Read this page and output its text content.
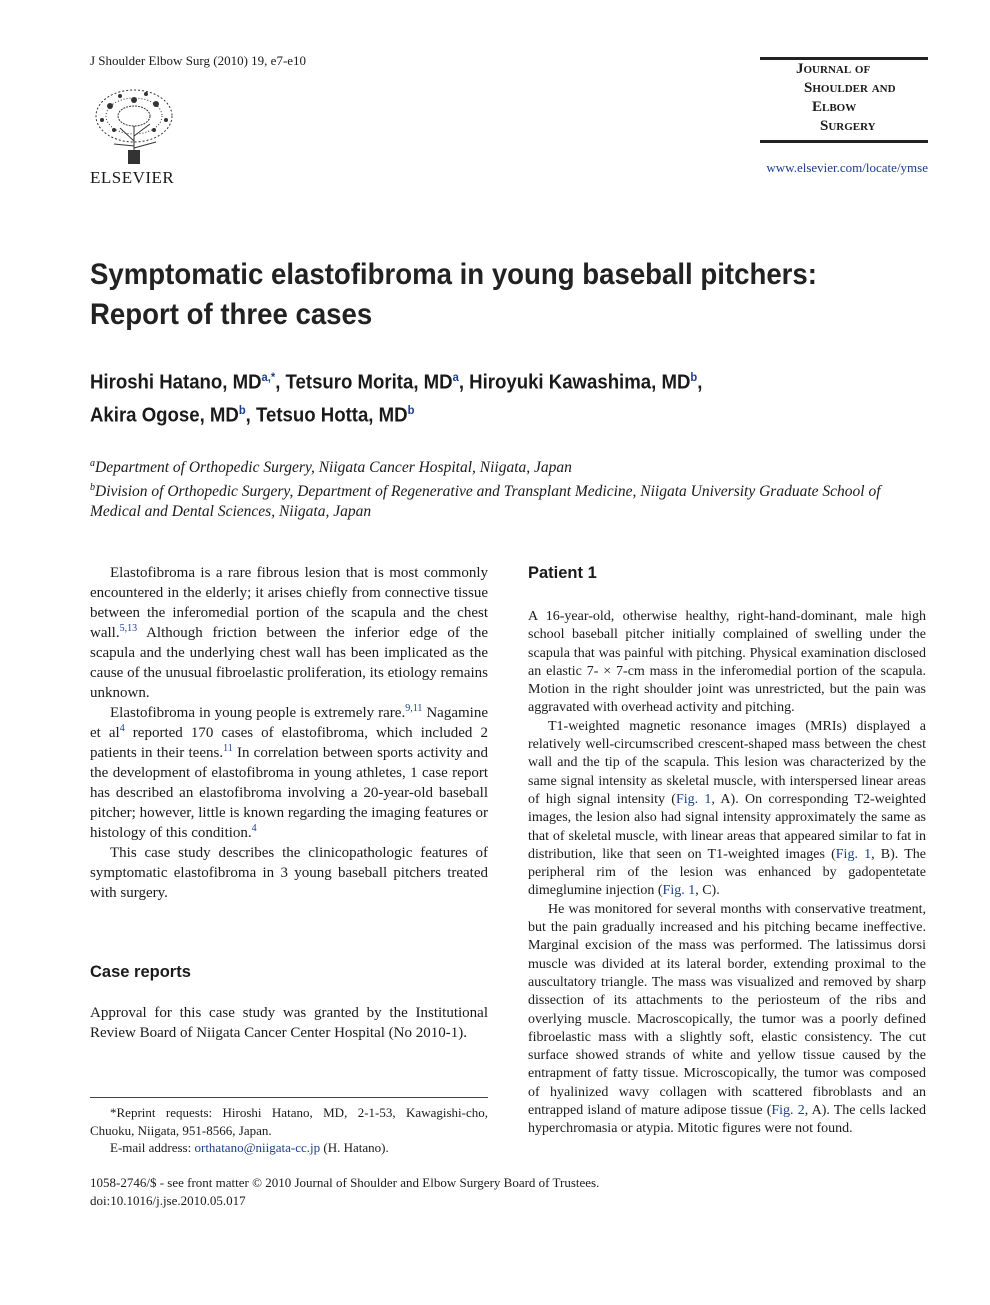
J Shoulder Elbow Surg (2010) 19, e7-e10
ELSEVIER
Journal of
Shoulder and
Elbow
Surgery
www.elsevier.com/locate/ymse
Symptomatic elastofibroma in young baseball pitchers:
Report of three cases
Hiroshi Hatano, $MD^{a,*}$, Tetsuro Morita, $MD^a$, Hiroyuki Kawashima, $MD^b$,
Akira Ogose, $MD^b$, Tetsuo Hotta, $MD^b$
$^a$Department of Orthopedic Surgery, Niigata Cancer Hospital, Niigata, Japan
$^b$Division of Orthopedic Surgery, Department of Regenerative and Transplant Medicine, Niigata University Graduate School of Medical and Dental Sciences, Niigata, Japan

Elastofibroma is a rare fibrous lesion that is most commonly encountered in the elderly; it arises chiefly from connective tissue between the inferomedial portion of the scapula and the chest wall.$^{5,13}$ Although friction between the inferior edge of the scapula and the underlying chest wall has been implicated as the cause of the unusual fibroelastic proliferation, its etiology remains unknown.

Elastofibroma in young people is extremely rare.$^{9,11}$ Nagamine et al$^4$ reported 170 cases of elastofibroma, which included 2 patients in their teens.$^{11}$ In correlation between sports activity and the development of elastofibroma in young athletes, 1 case report has described an elastofibroma involving a 20-year-old baseball pitcher; however, little is known regarding the imaging features or histology of this condition.$^4$

This case study describes the clinicopathologic features of symptomatic elastofibroma in 3 young baseball pitchers treated with surgery.

Case reports
Approval for this case study was granted by the Institutional Review Board of Niigata Cancer Center Hospital (No 2010-1).
*Reprint requests: Hiroshi Hatano, MD, 2-1-53, Kawagishi-cho, Chuoku, Niigata, 951-8566, Japan.
E-mail address: orthatano@niigata-cc.jp (H. Hatano).
Patient 1

A 16-year-old, otherwise healthy, right-hand-dominant, male high school baseball pitcher initially complained of swelling under the scapula that was painful with pitching. Physical examination disclosed an elastic 7- × 7-cm mass in the inferomedial portion of the scapula. Motion in the right shoulder joint was unrestricted, but the pain was aggravated with overhead activity and pitching.

T1-weighted magnetic resonance images (MRIs) displayed a relatively well-circumscribed crescent-shaped mass between the chest wall and the tip of the scapula. This lesion was characterized by the same signal intensity as skeletal muscle, with interspersed linear areas of high signal intensity (Fig. 1, A). On corresponding T2-weighted images, the lesion also had signal intensity approximately the same as that of skeletal muscle, with linear areas that appeared similar to fat in distribution, like that seen on T1-weighted images (Fig. 1, B). The peripheral rim of the lesion was enhanced by gadopentetate dimeglumine injection (Fig. 1, C).

He was monitored for several months with conservative treatment, but the pain gradually increased and his pitching became ineffective. Marginal excision of the mass was performed. The latissimus dorsi muscle was divided at its lateral border, extending proximal to the auscultatory triangle. The mass was visualized and removed by sharp dissection of its attachments to the periosteum of the ribs and overlying muscle. Macroscopically, the tumor was a poorly defined fibroelastic mass with a slightly soft, elastic consistency. The cut surface showed strands of white and yellow tissue caused by the entrapment of fatty tissue. Microscopically, the tumor was composed of hyalinized wavy collagen with scattered fibroblasts and an entrapped island of mature adipose tissue (Fig. 2, A). The cells lacked hyperchromasia or atypia. Mitotic figures were not found.

1058-2746/$ - see front matter © 2010 Journal of Shoulder and Elbow Surgery Board of Trustees.
doi:10.1016/j.jse.2010.05.017
